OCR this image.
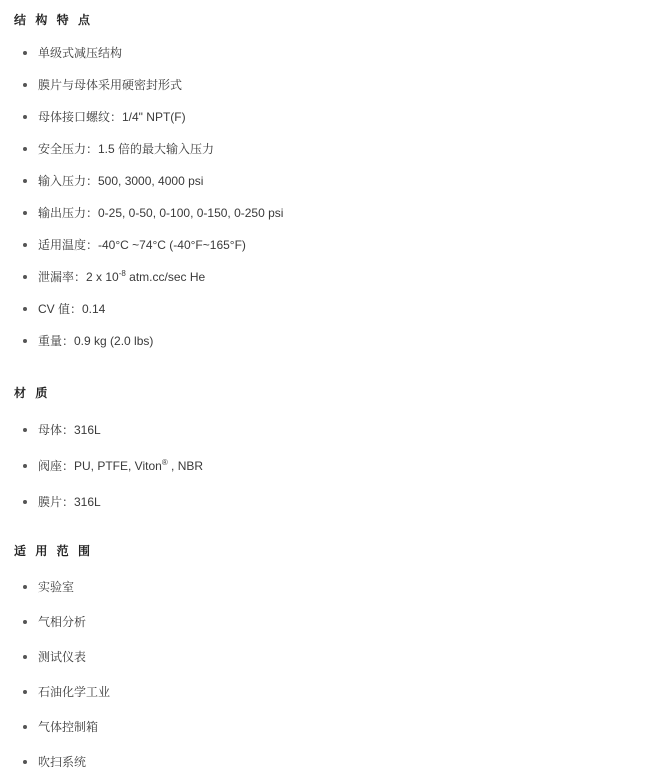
结 构 特 点
单级式减压结构
膜片与母体采用硬密封形式
母体接口螺纹：1/4" NPT(F)
安全压力：1.5 倍的最大输入压力
输入压力：500, 3000, 4000 psi
输出压力：0-25, 0-50, 0-100, 0-150, 0-250 psi
适用温度：-40°C ~74°C (-40°F~165°F)
泄漏率：2 x $10^{-8}$ atm.cc/sec He
CV 值：0.14
重量：0.9 kg (2.0 lbs)
材 质
母体：316L
阀座：PU, PTFE, Viton® , NBR
膜片：316L
适 用 范 围
实验室
气相分析
测试仪表
石油化学工业
气体控制箱
吹扫系统
